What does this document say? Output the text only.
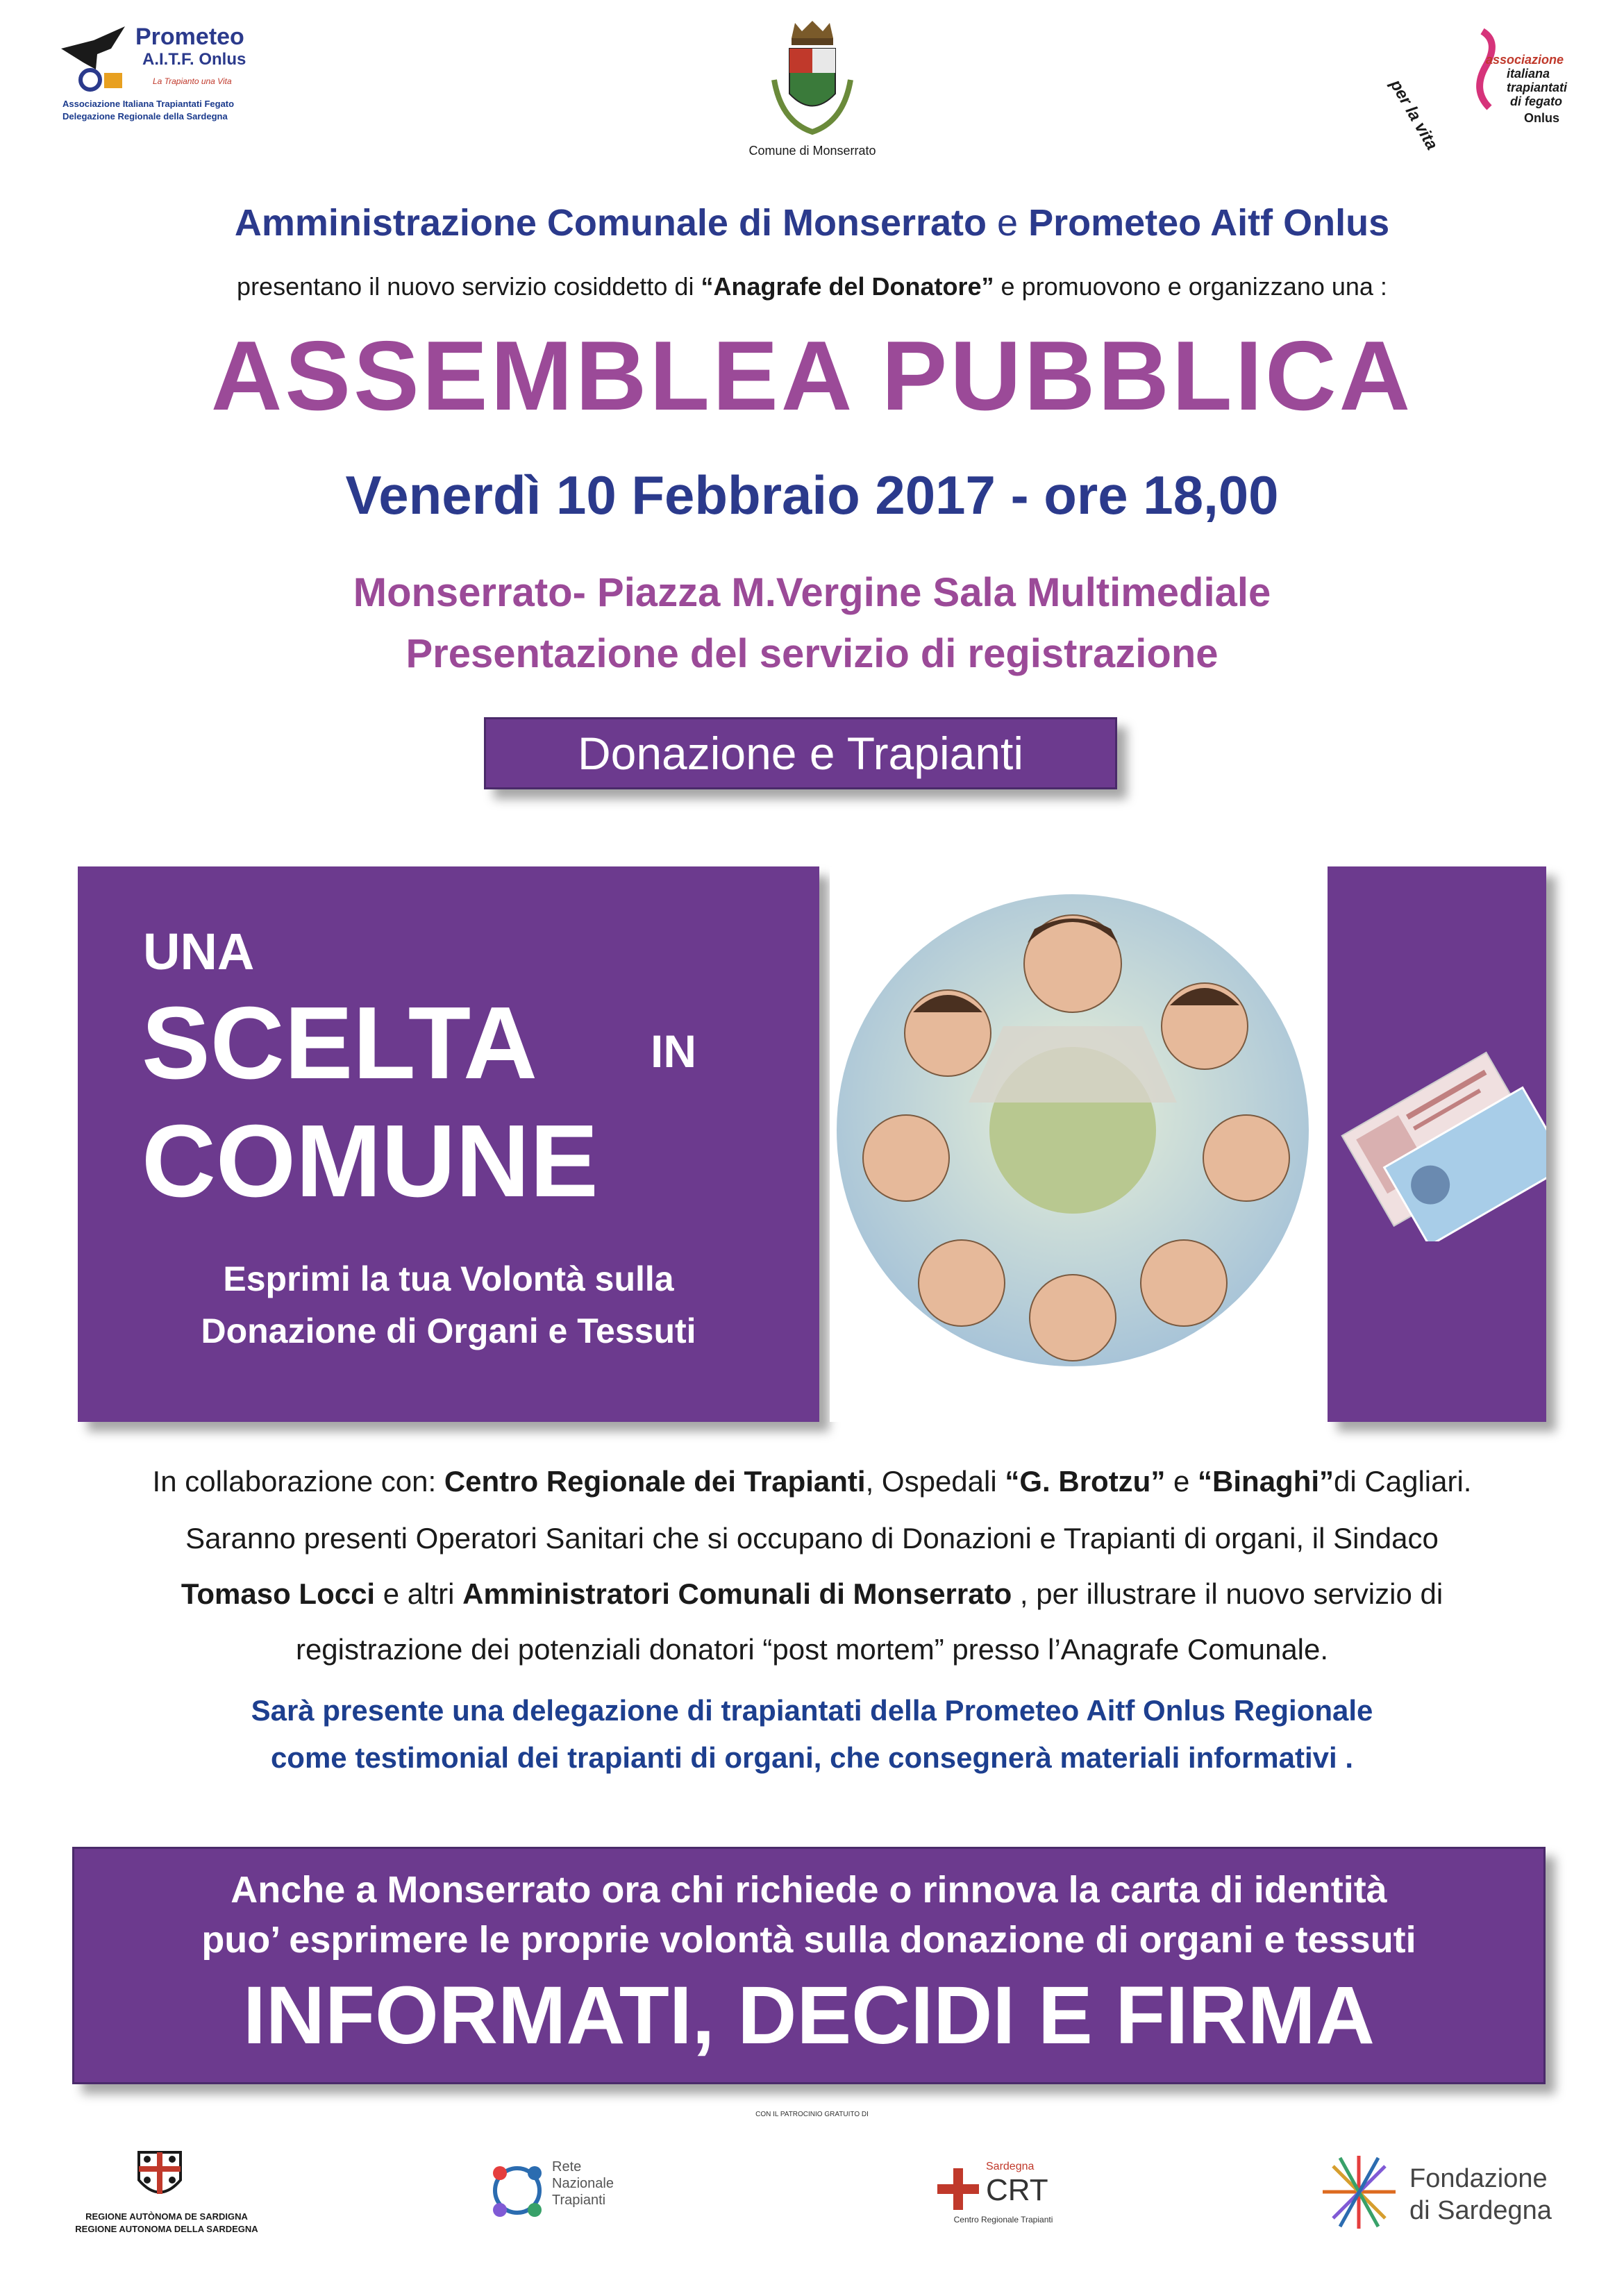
Prometeo
A.I.T.F. Onlus
La Trapianto una Vita
Associazione Italiana Trapiantati Fegato
Delegazione Regionale della Sardegna
Comune di Monserrato	per la vita
associazione
italiana
trapiantati
di fegato
Onlus
Amministrazione Comunale di Monserrato e Prometeo Aitf Onlus
presentano il nuovo servizio cosiddetto di “Anagrafe del Donatore” e promuovono e organizzano una :
ASSEMBLEA PUBBLICA
Venerdì 10 Febbraio 2017 - ore 18,00
Monserrato- Piazza M.Vergine Sala Multimediale
Presentazione del servizio di registrazione
Donazione e Trapianti
UNA
SCELTA IN
COMUNE
Esprimi la tua Volontà sulla
Donazione di Organi e Tessuti
In collaborazione con: Centro Regionale dei Trapianti, Ospedali “G. Brotzu” e “Binaghi”di Cagliari.
Saranno presenti Operatori Sanitari che si occupano di Donazioni e Trapianti di organi, il Sindaco
Tomaso Locci e altri Amministratori Comunali di Monserrato , per illustrare il nuovo servizio di
registrazione dei potenziali donatori “post mortem” presso l’Anagrafe Comunale.
Sarà presente una delegazione di trapiantati della Prometeo Aitf Onlus Regionale
come testimonial dei trapianti di organi, che consegnerà materiali informativi .
Anche a Monserrato ora chi richiede o rinnova la carta di identità
puo’ esprimere le proprie volontà sulla donazione di organi e tessuti
INFORMATI, DECIDI E FIRMA
CON IL PATROCINIO GRATUITO DI
REGIONE AUTÒNOMA DE SARDIGNA
REGIONE AUTONOMA DELLA SARDEGNA
Rete
Nazionale
Trapianti
Sardegna
CRT
Centro Regionale Trapianti
Fondazione
di Sardegna
